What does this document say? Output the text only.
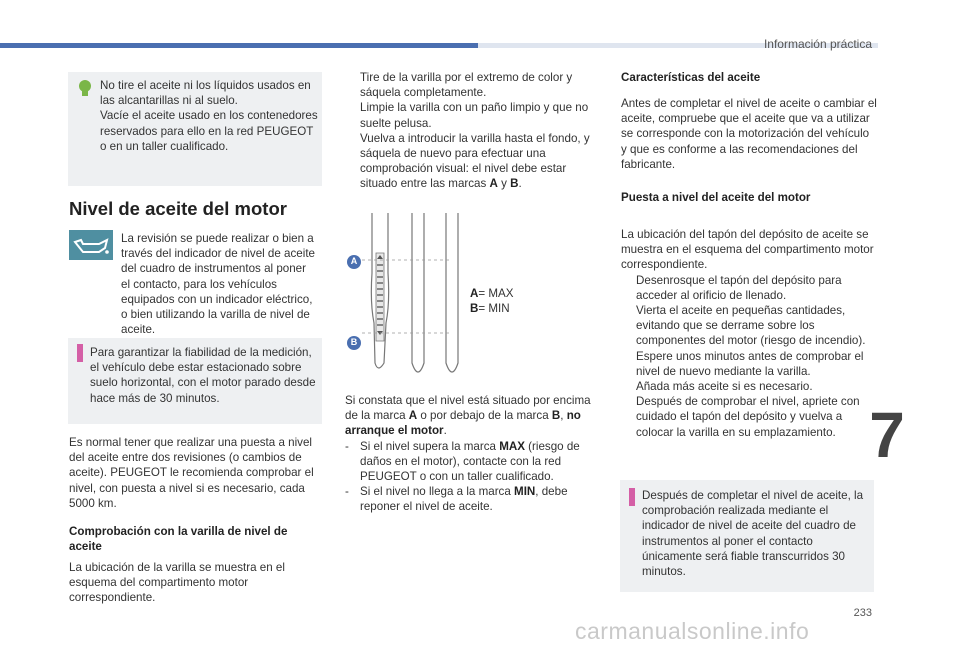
Información práctica
233
7
No tire el aceite ni los líquidos usados en las alcantarillas ni al suelo.
Vacíe el aceite usado en los contenedores reservados para ello en la red PEUGEOT o en un taller cualificado.
Nivel de aceite del motor
La revisión se puede realizar o bien a través del indicador de nivel de aceite del cuadro de instrumentos al poner el contacto, para los vehículos equipados con un indicador eléctrico, o bien utilizando la varilla de nivel de aceite.
Para garantizar la fiabilidad de la medición, el vehículo debe estar estacionado sobre suelo horizontal, con el motor parado desde hace más de 30 minutos.
Es normal tener que realizar una puesta a nivel del aceite entre dos revisiones (o cambios de aceite). PEUGEOT le recomienda comprobar el nivel, con puesta a nivel si es necesario, cada 5000 km.
Comprobación con la varilla de nivel de aceite
La ubicación de la varilla se muestra en el esquema del compartimento motor correspondiente.
Tire de la varilla por el extremo de color y sáquela completamente.
Limpie la varilla con un paño limpio y que no suelte pelusa.
Vuelva a introducir la varilla hasta el fondo, y sáquela de nuevo para efectuar una comprobación visual: el nivel debe estar situado entre las marcas A y B.
A
B
A= MAX
B= MIN

Si constata que el nivel está situado por encima de la marca A o por debajo de la marca B, no arranque el motor.

- Si el nivel supera la marca MAX (riesgo de daños en el motor), contacte con la red PEUGEOT o con un taller cualificado.
- Si el nivel no llega a la marca MIN, debe reponer el nivel de aceite.
Características del aceite
Antes de completar el nivel de aceite o cambiar el aceite, compruebe que el aceite que va a utilizar se corresponde con la motorización del vehículo y que es conforme a las recomendaciones del fabricante.
Puesta a nivel del aceite del motor

La ubicación del tapón del depósito de aceite se muestra en el esquema del compartimento motor correspondiente.

Desenrosque el tapón del depósito para acceder al orificio de llenado.
Vierta el aceite en pequeñas cantidades, evitando que se derrame sobre los componentes del motor (riesgo de incendio).
Espere unos minutos antes de comprobar el nivel de nuevo mediante la varilla.
Añada más aceite si es necesario.
Después de comprobar el nivel, apriete con cuidado el tapón del depósito y vuelva a colocar la varilla en su emplazamiento.
Después de completar el nivel de aceite, la comprobación realizada mediante el indicador de nivel de aceite del cuadro de instrumentos al poner el contacto únicamente será fiable transcurridos 30 minutos.
carmanualsonline.info
